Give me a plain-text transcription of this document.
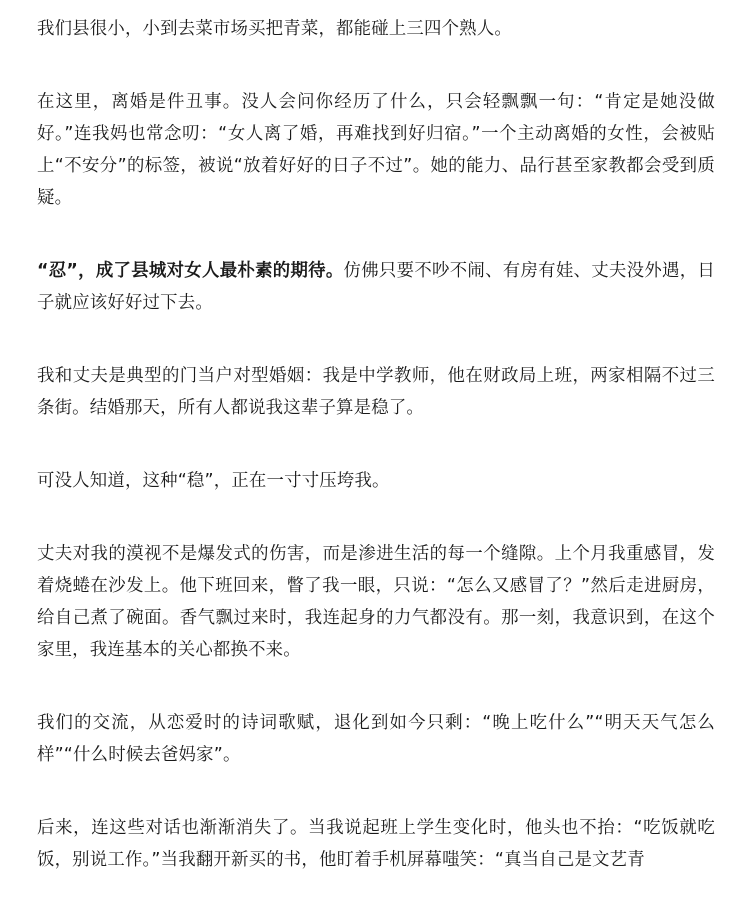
我们县很小，小到去菜市场买把青菜，都能碰上三四个熟人。

在这里，离婚是件丑事。没人会问你经历了什么，只会轻飘飘一句：“肯定是她没做好。”连我妈也常念叨：“女人离了婚，再难找到好归宿。”一个主动离婚的女性，会被贴上“不安分”的标签，被说“放着好好的日子不过”。她的能力、品行甚至家教都会受到质疑。

“忍”，成了县城对女人最朴素的期待。仿佛只要不吵不闹、有房有娃、丈夫没外遇，日子就应该好好过下去。

我和丈夫是典型的门当户对型婚姻：我是中学教师，他在财政局上班，两家相隔不过三条街。结婚那天，所有人都说我这辈子算是稳了。

可没人知道，这种“稳”，正在一寸寸压垮我。

丈夫对我的漠视不是爆发式的伤害，而是渗进生活的每一个缝隙。上个月我重感冒，发着烧蜷在沙发上。他下班回来，瞥了我一眼，只说：“怎么又感冒了？”然后走进厨房，给自己煮了碗面。香气飘过来时，我连起身的力气都没有。那一刻，我意识到，在这个家里，我连基本的关心都换不来。

我们的交流，从恋爱时的诗词歌赋，退化到如今只剩：“晚上吃什么”“明天天气怎么样”“什么时候去爸妈家”。

后来，连这些对话也渐渐消失了。当我说起班上学生变化时，他头也不抬：“吃饭就吃饭，别说工作。”当我翻开新买的书，他盯着手机屏幕嗤笑：“真当自己是文艺青
